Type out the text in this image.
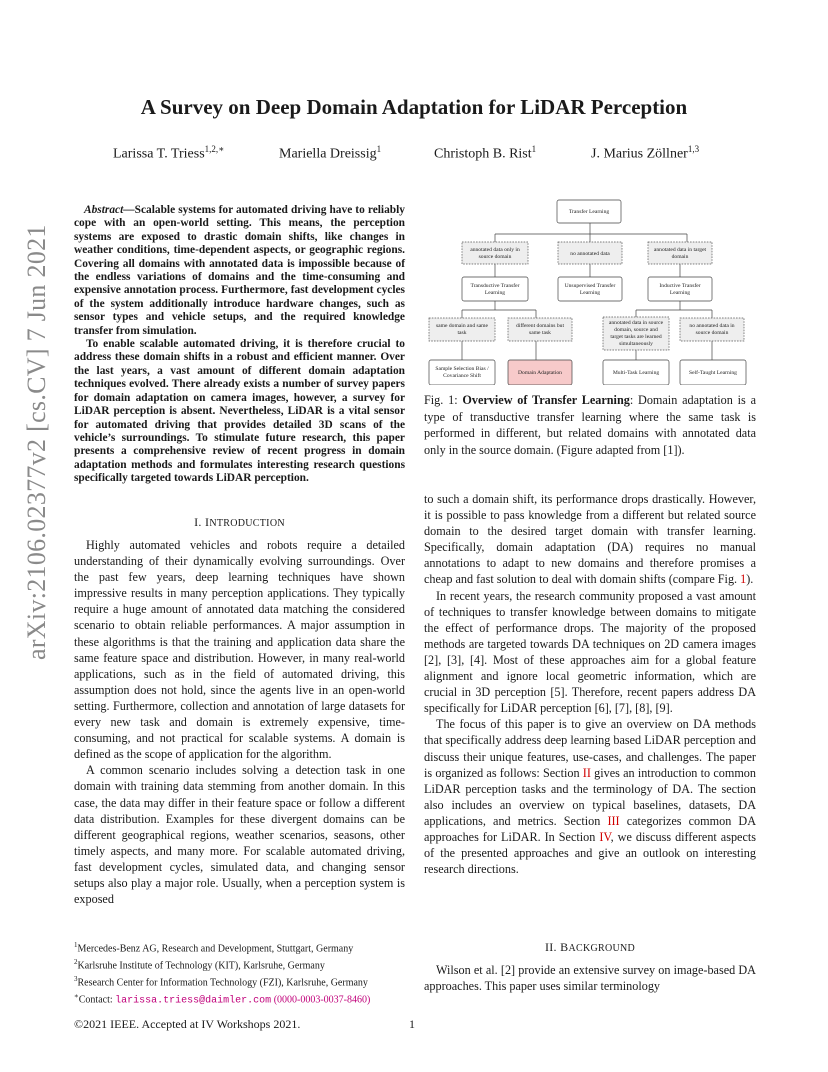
A Survey on Deep Domain Adaptation for LiDAR Perception
Larissa T. Triess$^{1,2,∗}$	Mariella Dreissig$^1$	Christoph B. Rist$^1$	J. Marius Zöllner$^{1,3}$
arXiv:2106.02377v2 [cs.CV] 7 Jun 2021

Abstract—Scalable systems for automated driving have to reliably cope with an open-world setting. This means, the perception systems are exposed to drastic domain shifts, like changes in weather conditions, time-dependent aspects, or geographic regions. Covering all domains with annotated data is impossible because of the endless variations of domains and the time-consuming and expensive annotation process. Furthermore, fast development cycles of the system additionally introduce hardware changes, such as sensor types and vehicle setups, and the required knowledge transfer from simulation.

To enable scalable automated driving, it is therefore crucial to address these domain shifts in a robust and efficient manner. Over the last years, a vast amount of different domain adaptation techniques evolved. There already exists a number of survey papers for domain adaptation on camera images, however, a survey for LiDAR perception is absent. Nevertheless, LiDAR is a vital sensor for automated driving that provides detailed 3D scans of the vehicle’s surroundings. To stimulate future research, this paper presents a comprehensive review of recent progress in domain adaptation methods and formulates interesting research questions specifically targeted towards LiDAR perception.

I. INTRODUCTION

Highly automated vehicles and robots require a detailed understanding of their dynamically evolving surroundings. Over the past few years, deep learning techniques have shown impressive results in many perception applications. They typically require a huge amount of annotated data matching the considered scenario to obtain reliable performances. A major assumption in these algorithms is that the training and application data share the same feature space and distribution. However, in many real-world applications, such as in the field of automated driving, this assumption does not hold, since the agents live in an open-world setting. Furthermore, collection and annotation of large datasets for every new task and domain is extremely expensive, time-consuming, and not practical for scalable systems. A domain is defined as the scope of application for the algorithm.

A common scenario includes solving a detection task in one domain with training data stemming from another domain. In this case, the data may differ in their feature space or follow a different data distribution. Examples for these divergent domains can be different geographical regions, weather scenarios, seasons, other timely aspects, and many more. For scalable automated driving, fast development cycles, simulated data, and changing sensor setups also play a major role. Usually, when a perception system is exposed

$^1$Mercedes-Benz AG, Research and Development, Stuttgart, Germany
$^2$Karlsruhe Institute of Technology (KIT), Karlsruhe, Germany
$^3$Research Center for Information Technology (FZI), Karlsruhe, Germany
∗Contact: larissa.triess@daimler.com (0000-0003-0037-8460)
©2021 IEEE. Accepted at IV Workshops 2021.	1
Transfer Learning
annotated data only in
source domain	no annotated data
annotated data in target
domain
Transductive Transfer
Learning
Unsupervised Transfer
Learning
Inductive Transfer
Learning
same domain and same
task
different domains but
same task
annotated data in source
domain, source and
target tasks are learned
simultaneously
no annotated data in
source domain
Sample Selection Bias /
Covariance Shift	Domain Adaptation	Multi-Task Learning	Self-Taught Learning
Fig. 1: Overview of Transfer Learning: Domain adaptation is a type of transductive transfer learning where the same task is performed in different, but related domains with annotated data only in the source domain. (Figure adapted from [1]).

to such a domain shift, its performance drops drastically. However, it is possible to pass knowledge from a different but related source domain to the desired target domain with transfer learning. Specifically, domain adaptation (DA) requires no manual annotations to adapt to new domains and therefore promises a cheap and fast solution to deal with domain shifts (compare Fig. 1).

In recent years, the research community proposed a vast amount of techniques to transfer knowledge between domains to mitigate the effect of performance drops. The majority of the proposed methods are targeted towards DA techniques on 2D camera images [2], [3], [4]. Most of these approaches aim for a global feature alignment and ignore local geometric information, which are crucial in 3D perception [5]. Therefore, recent papers address DA specifically for LiDAR perception [6], [7], [8], [9].

The focus of this paper is to give an overview on DA methods that specifically address deep learning based LiDAR perception and discuss their unique features, use-cases, and challenges. The paper is organized as follows: Section II gives an introduction to common LiDAR perception tasks and the terminology of DA. The section also includes an overview on typical baselines, datasets, DA applications, and metrics. Section III categorizes common DA approaches for LiDAR. In Section IV, we discuss different aspects of the presented approaches and give an outlook on interesting research directions.

II. BACKGROUND

Wilson et al. [2] provide an extensive survey on image-based DA approaches. This paper uses similar terminology
